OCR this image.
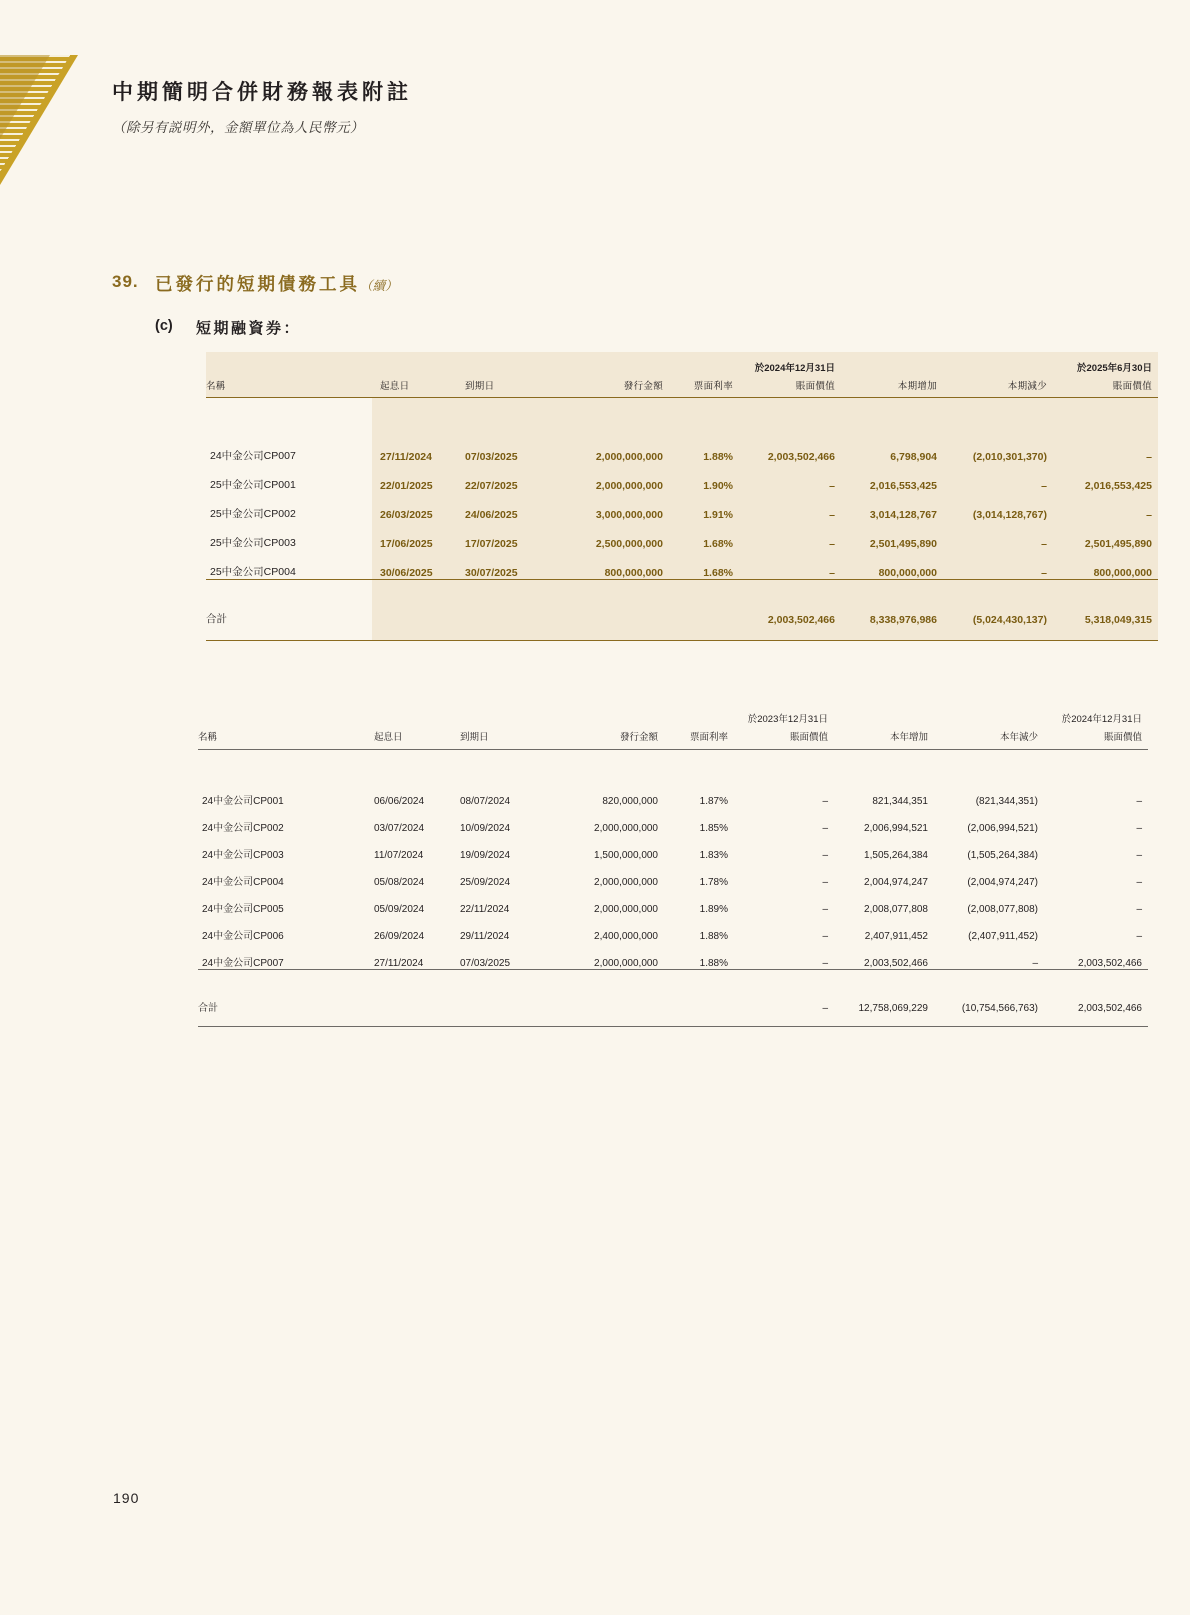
中期簡明合併財務報表附註
（除另有説明外，金額單位為人民幣元）
39. 已發行的短期債務工具（續）
(c) 短期融資券：
					於2024年12月31日			於2025年6月30日
名稱	起息日	到期日	發行金額	票面利率	賬面價值	本期增加	本期減少	賬面價值

24中金公司CP007	27/11/2024	07/03/2025	2,000,000,000	1.88%	2,003,502,466	6,798,904	(2,010,301,370)	–
25中金公司CP001	22/01/2025	22/07/2025	2,000,000,000	1.90%	–	2,016,553,425	–	2,016,553,425
25中金公司CP002	26/03/2025	24/06/2025	3,000,000,000	1.91%	–	3,014,128,767	(3,014,128,767)	–
25中金公司CP003	17/06/2025	17/07/2025	2,500,000,000	1.68%	–	2,501,495,890	–	2,501,495,890
25中金公司CP004	30/06/2025	30/07/2025	800,000,000	1.68%	–	800,000,000	–	800,000,000
合計					2,003,502,466	8,338,976,986	(5,024,430,137)	5,318,049,315
					於2023年12月31日			於2024年12月31日
名稱	起息日	到期日	發行金額	票面利率	賬面價值	本年增加	本年減少	賬面價值

24中金公司CP001	06/06/2024	08/07/2024	820,000,000	1.87%	–	821,344,351	(821,344,351)	–
24中金公司CP002	03/07/2024	10/09/2024	2,000,000,000	1.85%	–	2,006,994,521	(2,006,994,521)	–
24中金公司CP003	11/07/2024	19/09/2024	1,500,000,000	1.83%	–	1,505,264,384	(1,505,264,384)	–
24中金公司CP004	05/08/2024	25/09/2024	2,000,000,000	1.78%	–	2,004,974,247	(2,004,974,247)	–
24中金公司CP005	05/09/2024	22/11/2024	2,000,000,000	1.89%	–	2,008,077,808	(2,008,077,808)	–
24中金公司CP006	26/09/2024	29/11/2024	2,400,000,000	1.88%	–	2,407,911,452	(2,407,911,452)	–
24中金公司CP007	27/11/2024	07/03/2025	2,000,000,000	1.88%	–	2,003,502,466	–	2,003,502,466
合計					–	12,758,069,229	(10,754,566,763)	2,003,502,466
190
